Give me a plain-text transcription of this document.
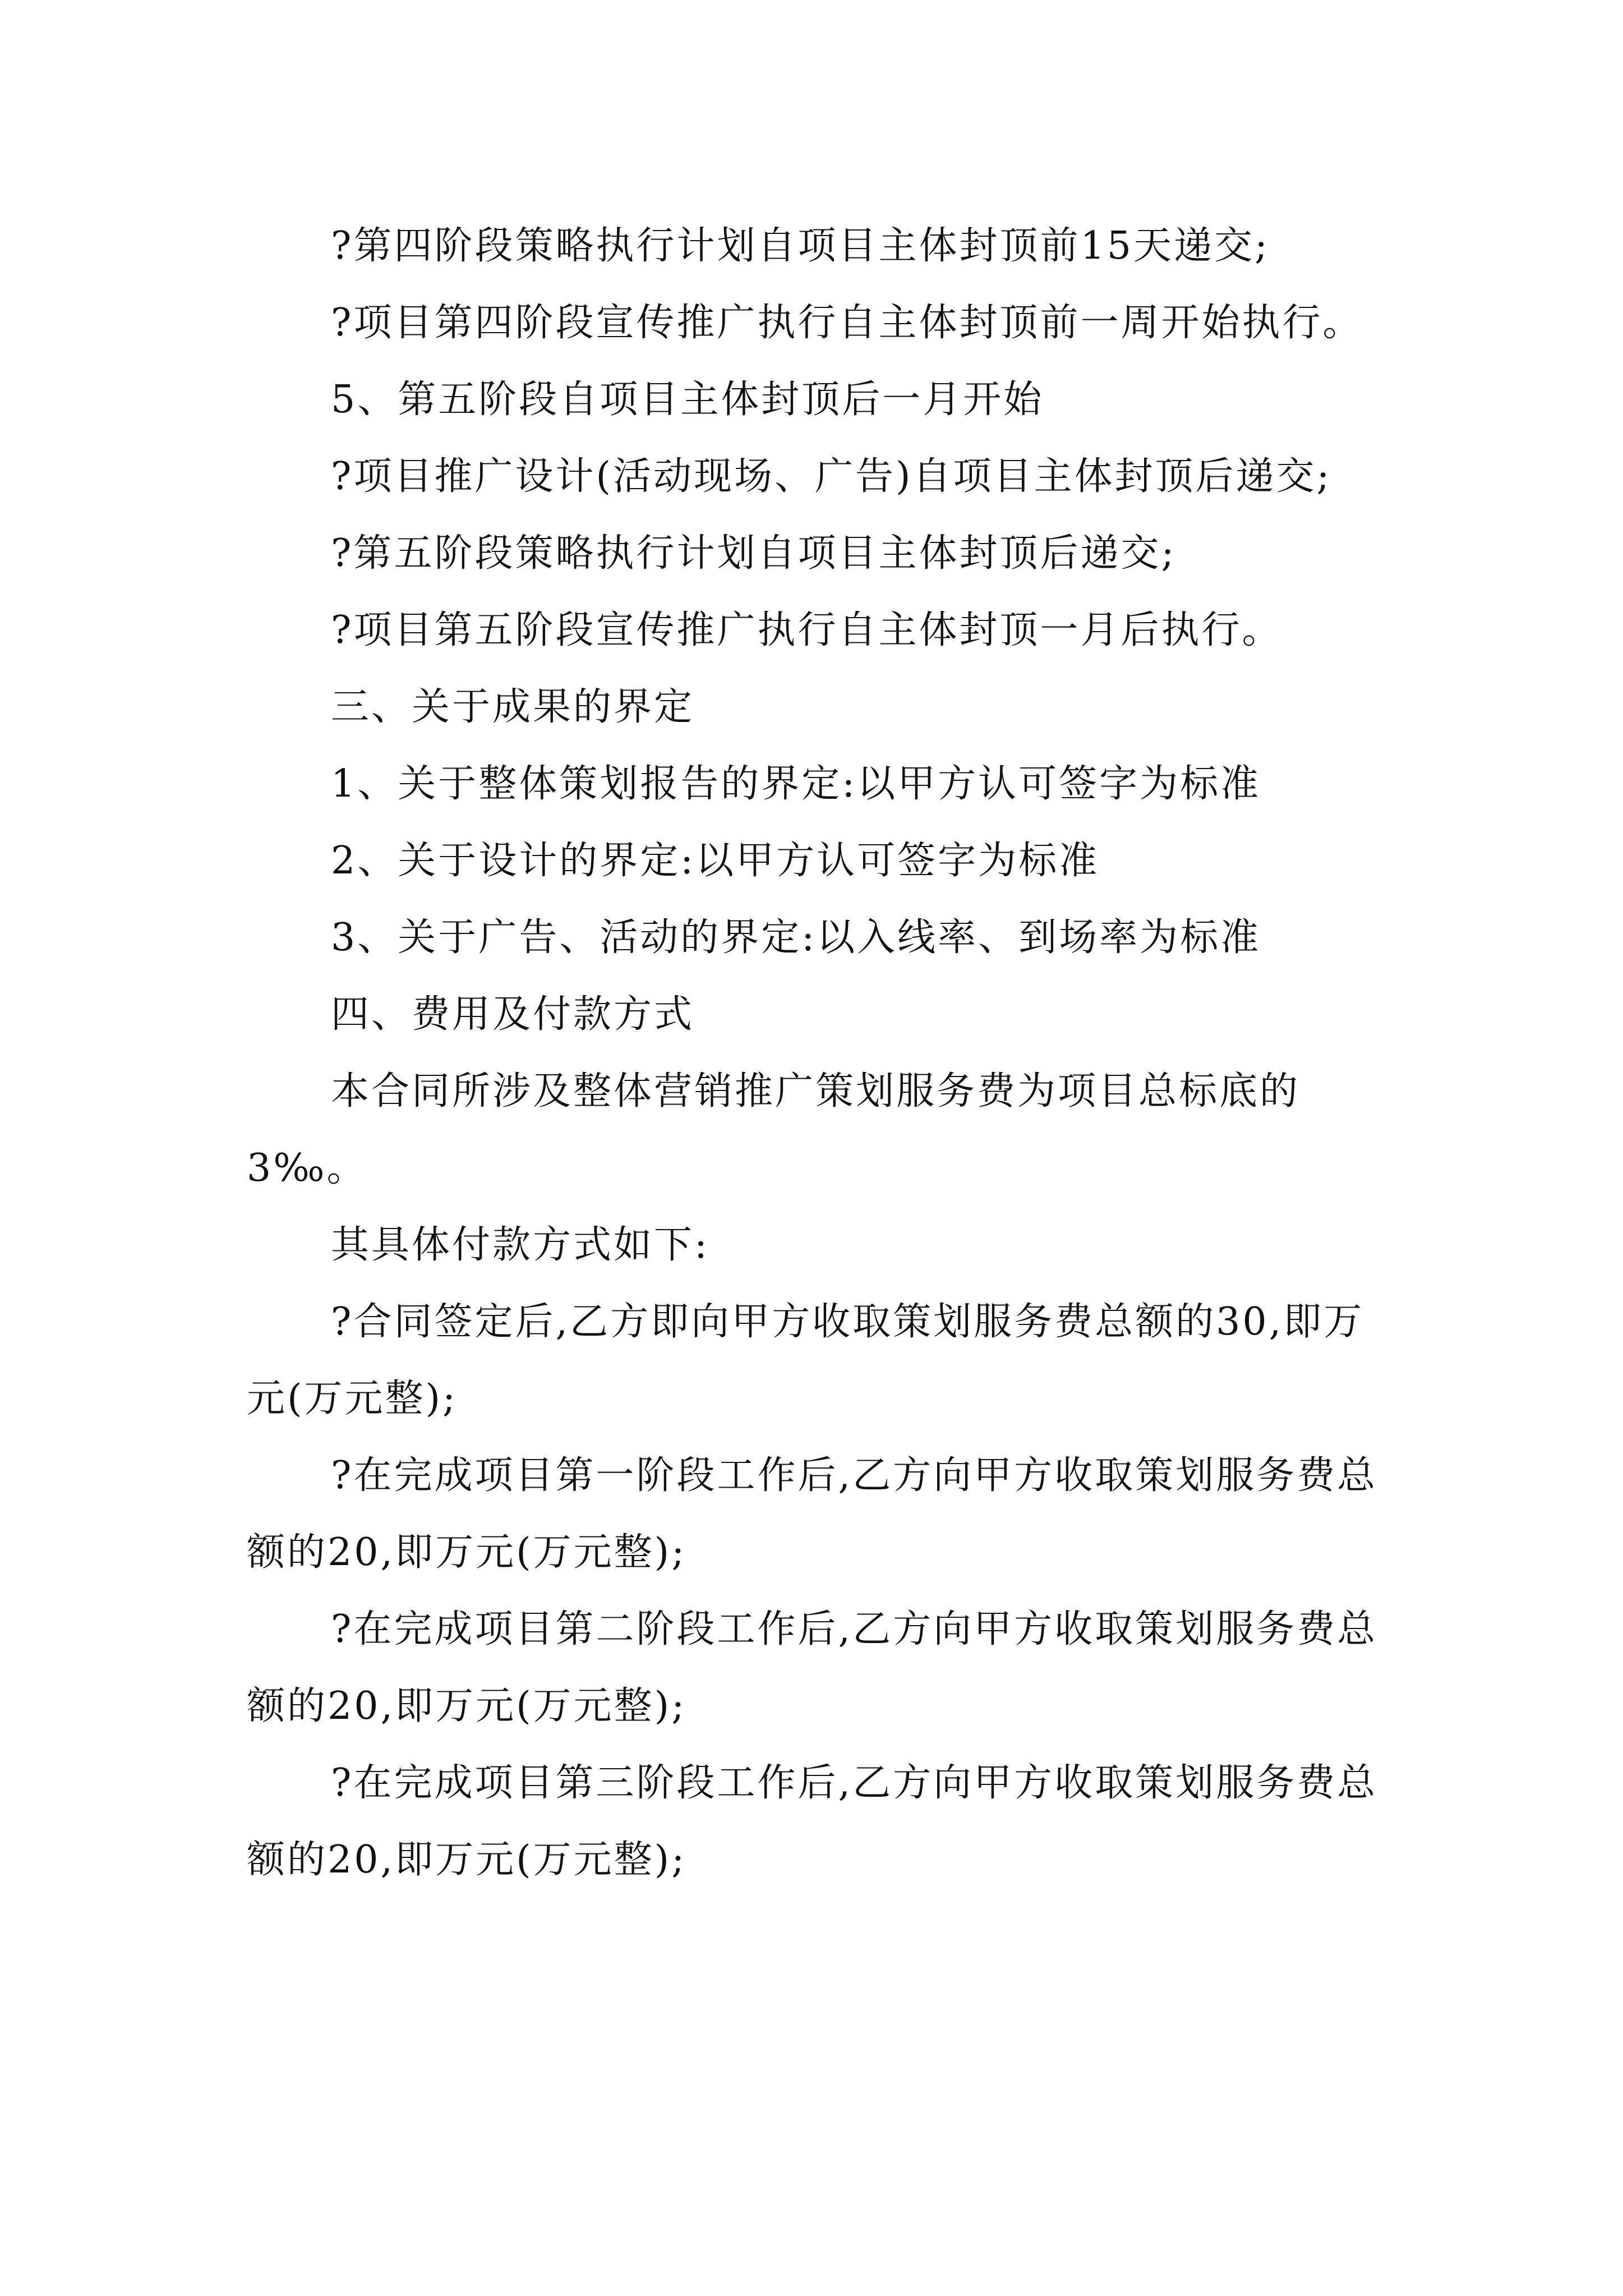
?第四阶段策略执行计划自项目主体封顶前15天递交;

?项目第四阶段宣传推广执行自主体封顶前一周开始执行。

5、第五阶段自项目主体封顶后一月开始

?项目推广设计(活动现场、广告)自项目主体封顶后递交;

?第五阶段策略执行计划自项目主体封顶后递交;

?项目第五阶段宣传推广执行自主体封顶一月后执行。

三、关于成果的界定

1、关于整体策划报告的界定:以甲方认可签字为标准

2、关于设计的界定:以甲方认可签字为标准

3、关于广告、活动的界定:以入线率、到场率为标准

四、费用及付款方式

本合同所涉及整体营销推广策划服务费为项目总标底的3‰。

其具体付款方式如下:

?合同签定后,乙方即向甲方收取策划服务费总额的30,即万元(万元整);

?在完成项目第一阶段工作后,乙方向甲方收取策划服务费总额的20,即万元(万元整);

?在完成项目第二阶段工作后,乙方向甲方收取策划服务费总额的20,即万元(万元整);

?在完成项目第三阶段工作后,乙方向甲方收取策划服务费总额的20,即万元(万元整);
